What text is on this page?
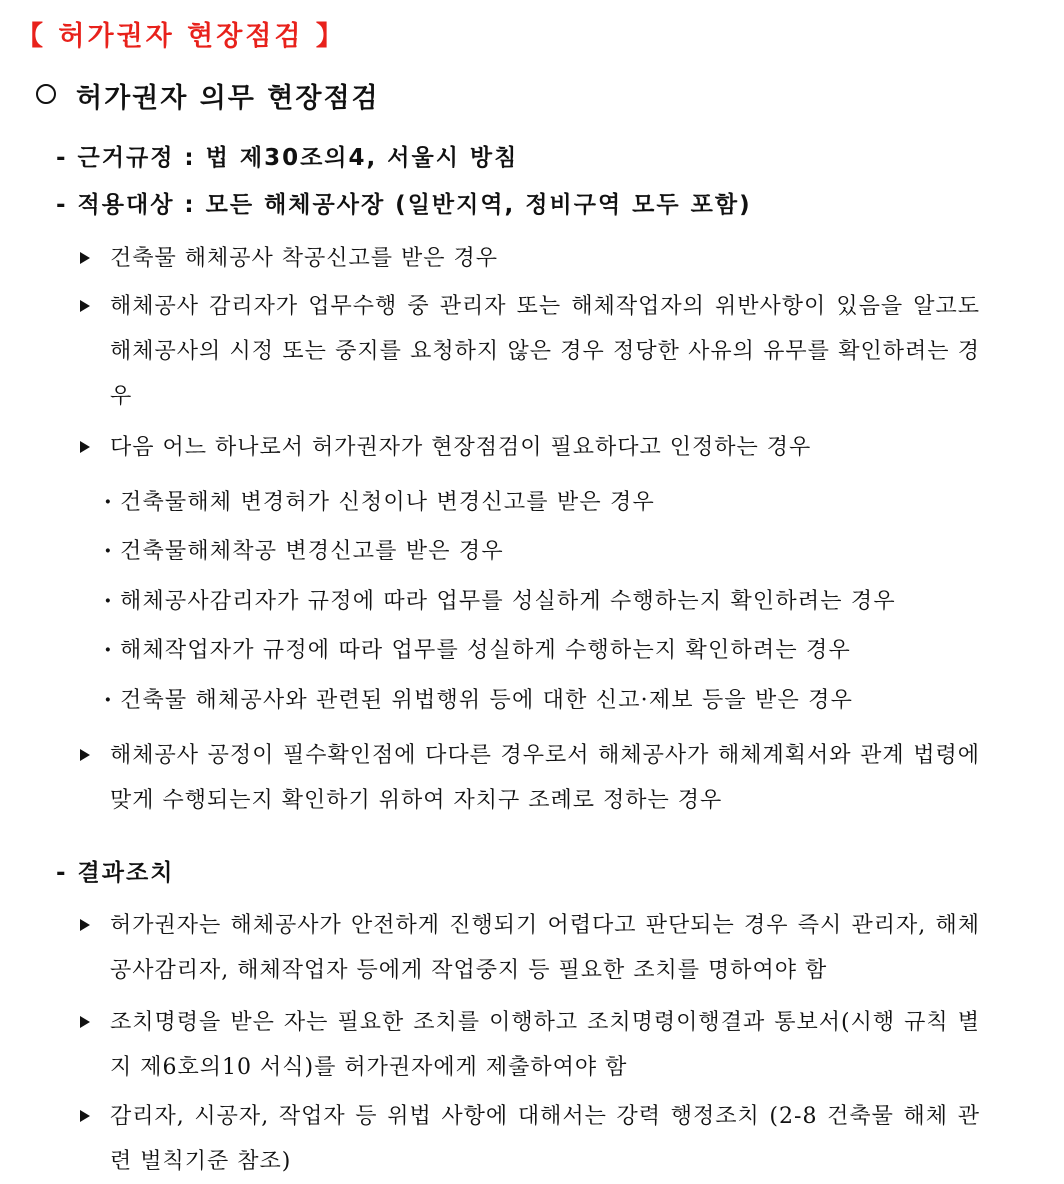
【 허가권자 현장점검 】
허가권자 의무 현장점검
- 근거규정 : 법 제30조의4, 서울시 방침
- 적용대상 : 모든 해체공사장 (일반지역, 정비구역 모두 포함)
건축물 해체공사 착공신고를 받은 경우
해체공사 감리자가 업무수행 중 관리자 또는 해체작업자의 위반사항이 있음을 알고도 해체공사의 시정 또는 중지를 요청하지 않은 경우 정당한 사유의 유무를 확인하려는 경우
다음 어느 하나로서 허가권자가 현장점검이 필요하다고 인정하는 경우
· 건축물해체 변경허가 신청이나 변경신고를 받은 경우
· 건축물해체착공 변경신고를 받은 경우
· 해체공사감리자가 규정에 따라 업무를 성실하게 수행하는지 확인하려는 경우
· 해체작업자가 규정에 따라 업무를 성실하게 수행하는지 확인하려는 경우
· 건축물 해체공사와 관련된 위법행위 등에 대한 신고·제보 등을 받은 경우
해체공사 공정이 필수확인점에 다다른 경우로서 해체공사가 해체계획서와 관계 법령에 맞게 수행되는지 확인하기 위하여 자치구 조례로 정하는 경우
- 결과조치
허가권자는 해체공사가 안전하게 진행되기 어렵다고 판단되는 경우 즉시 관리자, 해체공사감리자, 해체작업자 등에게 작업중지 등 필요한 조치를 명하여야 함
조치명령을 받은 자는 필요한 조치를 이행하고 조치명령이행결과 통보서(시행 규칙 별지 제6호의10 서식)를 허가권자에게 제출하여야 함
감리자, 시공자, 작업자 등 위법 사항에 대해서는 강력 행정조치 (2-8 건축물 해체 관련 벌칙기준 참조)
